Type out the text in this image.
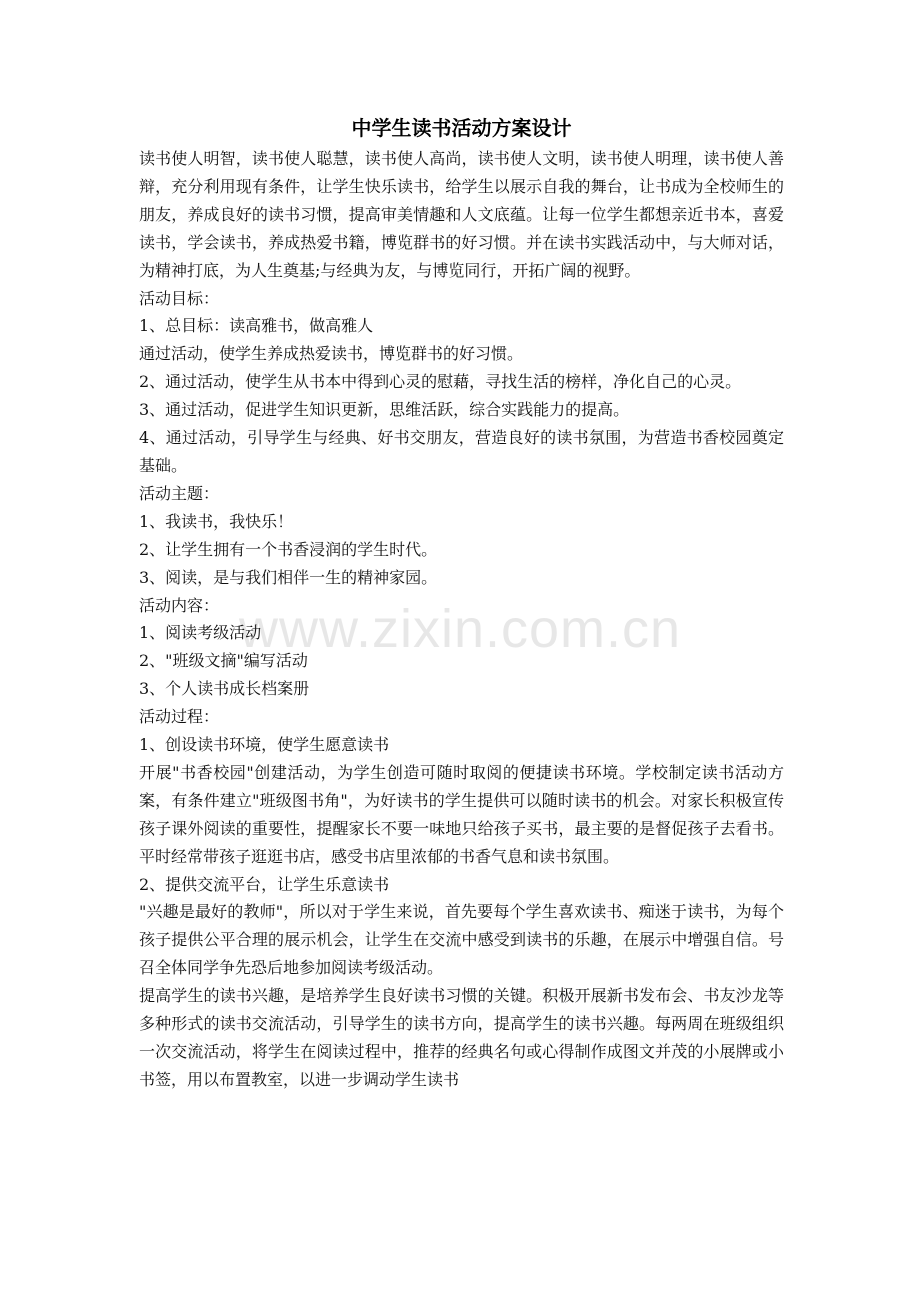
www.zixin.com.cn
中学生读书活动方案设计

读书使人明智，读书使人聪慧，读书使人高尚，读书使人文明，读书使人明理，读书使人善辩，充分利用现有条件，让学生快乐读书，给学生以展示自我的舞台，让书成为全校师生的朋友，养成良好的读书习惯，提高审美情趣和人文底蕴。让每一位学生都想亲近书本，喜爱读书，学会读书，养成热爱书籍，博览群书的好习惯。并在读书实践活动中，与大师对话，为精神打底，为人生奠基;与经典为友，与博览同行，开拓广阔的视野。

活动目标：

1、总目标：读高雅书，做高雅人

通过活动，使学生养成热爱读书，博览群书的好习惯。

2、通过活动，使学生从书本中得到心灵的慰藉，寻找生活的榜样，净化自己的心灵。

3、通过活动，促进学生知识更新，思维活跃，综合实践能力的提高。

4、通过活动，引导学生与经典、好书交朋友，营造良好的读书氛围，为营造书香校园奠定基础。

活动主题：

1、我读书，我快乐！

2、让学生拥有一个书香浸润的学生时代。

3、阅读，是与我们相伴一生的精神家园。

活动内容：

1、阅读考级活动

2、"班级文摘"编写活动

3、个人读书成长档案册

活动过程：

1、创设读书环境，使学生愿意读书

开展"书香校园"创建活动，为学生创造可随时取阅的便捷读书环境。学校制定读书活动方案，有条件建立"班级图书角"，为好读书的学生提供可以随时读书的机会。对家长积极宣传孩子课外阅读的重要性，提醒家长不要一味地只给孩子买书，最主要的是督促孩子去看书。平时经常带孩子逛逛书店，感受书店里浓郁的书香气息和读书氛围。

2、提供交流平台，让学生乐意读书

"兴趣是最好的教师"，所以对于学生来说，首先要每个学生喜欢读书、痴迷于读书，为每个孩子提供公平合理的展示机会，让学生在交流中感受到读书的乐趣，在展示中增强自信。号召全体同学争先恐后地参加阅读考级活动。

提高学生的读书兴趣，是培养学生良好读书习惯的关键。积极开展新书发布会、书友沙龙等多种形式的读书交流活动，引导学生的读书方向，提高学生的读书兴趣。每两周在班级组织一次交流活动，将学生在阅读过程中，推荐的经典名句或心得制作成图文并茂的小展牌或小书签，用以布置教室，以进一步调动学生读书
